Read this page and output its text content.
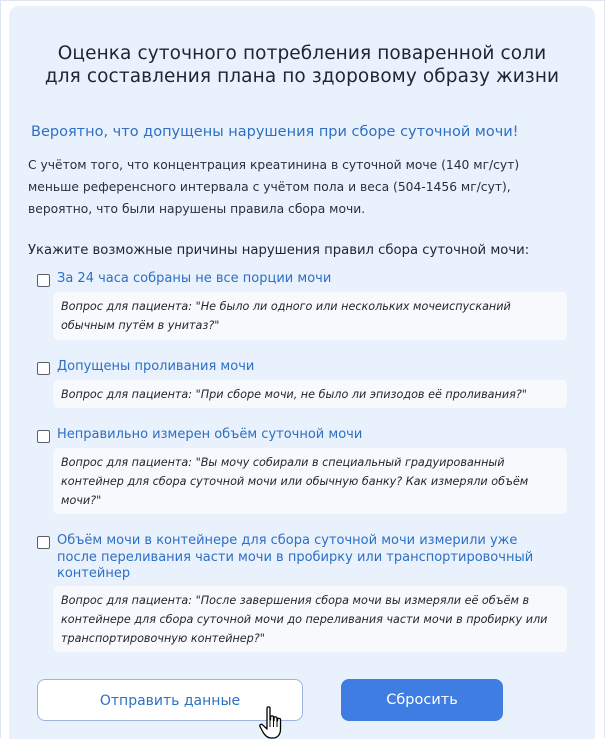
Оценка суточного потребления поваренной соли
для составления плана по здоровому образу жизни
Вероятно, что допущены нарушения при сборе суточной мочи!
С учётом того, что концентрация креатинина в суточной моче (140 мг/сут)
меньше референсного интервала с учётом пола и веса (504-1456 мг/сут),
вероятно, что были нарушены правила сбора мочи.
Укажите возможные причины нарушения правил сбора суточной мочи:
За 24 часа собраны не все порции мочи
Вопрос для пациента: "Не было ли одного или нескольких мочеиспусканий
обычным путём в унитаз?"
Допущены проливания мочи
Вопрос для пациента: "При сборе мочи, не было ли эпизодов её проливания?"
Неправильно измерен объём суточной мочи
Вопрос для пациента: "Вы мочу собирали в специальный градуированный
контейнер для сбора суточной мочи или обычную банку? Как измеряли объём
мочи?"
Объём мочи в контейнере для сбора суточной мочи измерили уже
после переливания части мочи в пробирку или транспортировочный
контейнер
Вопрос для пациента: "После завершения сбора мочи вы измеряли её объём в
контейнере для сбора суточной мочи до переливания части мочи в пробирку или
транспортировочную контейнер?"
Отправить данные	Сбросить
